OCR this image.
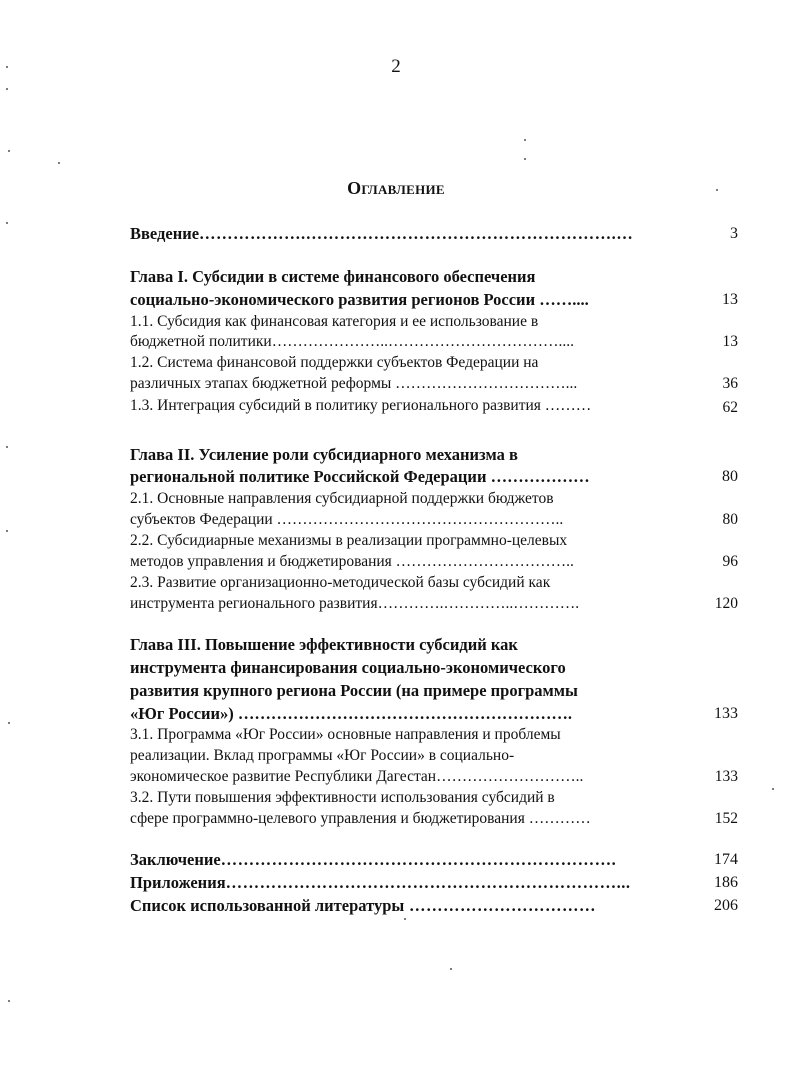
2
Оглавление
Введение……………….……………………………………………….…	3
Глава I. Субсидии в системе финансового обеспечения
социально-экономического развития регионов России ……....	13
1.1. Субсидия как финансовая категория и ее использование в
бюджетной политики…………………..……………………………....	13
1.2. Система финансовой поддержки субъектов Федерации на
различных этапах бюджетной реформы ……………………………...	36
1.3. Интеграция субсидий в политику регионального развития ………	62
Глава II. Усиление роли субсидиарного механизма в
региональной политике Российской Федерации ………………	80
2.1. Основные направления субсидиарной поддержки бюджетов
субъектов Федерации ………………………………………………..	80
2.2. Субсидиарные механизмы в реализации программно-целевых
методов управления и бюджетирования ……………………………..	96
2.3. Развитие организационно-методической базы субсидий как
инструмента регионального развития………….…………..………….	120
Глава III. Повышение эффективности субсидий как
инструмента финансирования социально-экономического
развития крупного региона России (на примере программы
«Юг России») …………………………………………………….	133
3.1. Программа «Юг России» основные направления и проблемы
реализации. Вклад программы «Юг России» в социально-
экономическое развитие Республики Дагестан………………………..	133
3.2. Пути повышения эффективности использования субсидий в
сфере программно-целевого управления и бюджетирования …………	152
Заключение…………………………………………………………….	174
Приложения……………………………………………………………...	186
Список использованной литературы ……………………………	206
